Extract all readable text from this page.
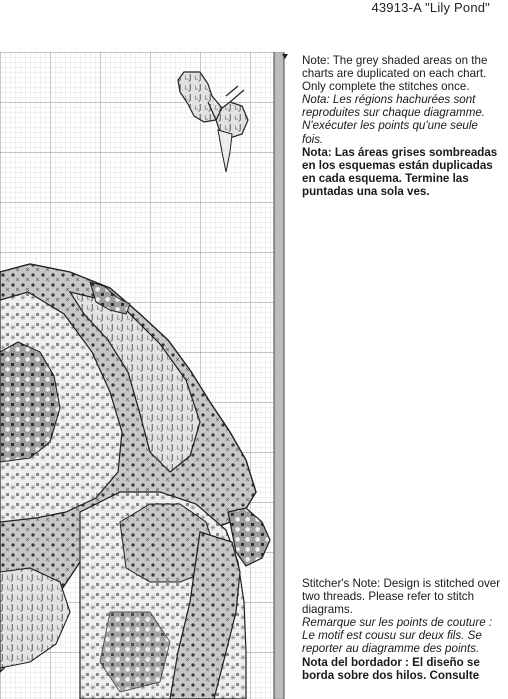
43913-A "Lily Pond"

Note: The grey shaded areas on the charts are duplicated on each chart. Only complete the stitches once.

Nota: Les régions hachurées sont reproduites sur chaque diagramme. N'exécuter les points qu'une seule fois.

Nota: Las áreas grises sombreadas en los esquemas están duplicadas en cada esquema. Termine las puntadas una sola ves.

Stitcher's Note: Design is stitched over two threads. Please refer to stitch diagrams.

Remarque sur les points de couture : Le motif est cousu sur deux fils. Se reporter au diagramme des points.

Nota del bordador : El diseño se borda sobre dos hilos. Consulte
